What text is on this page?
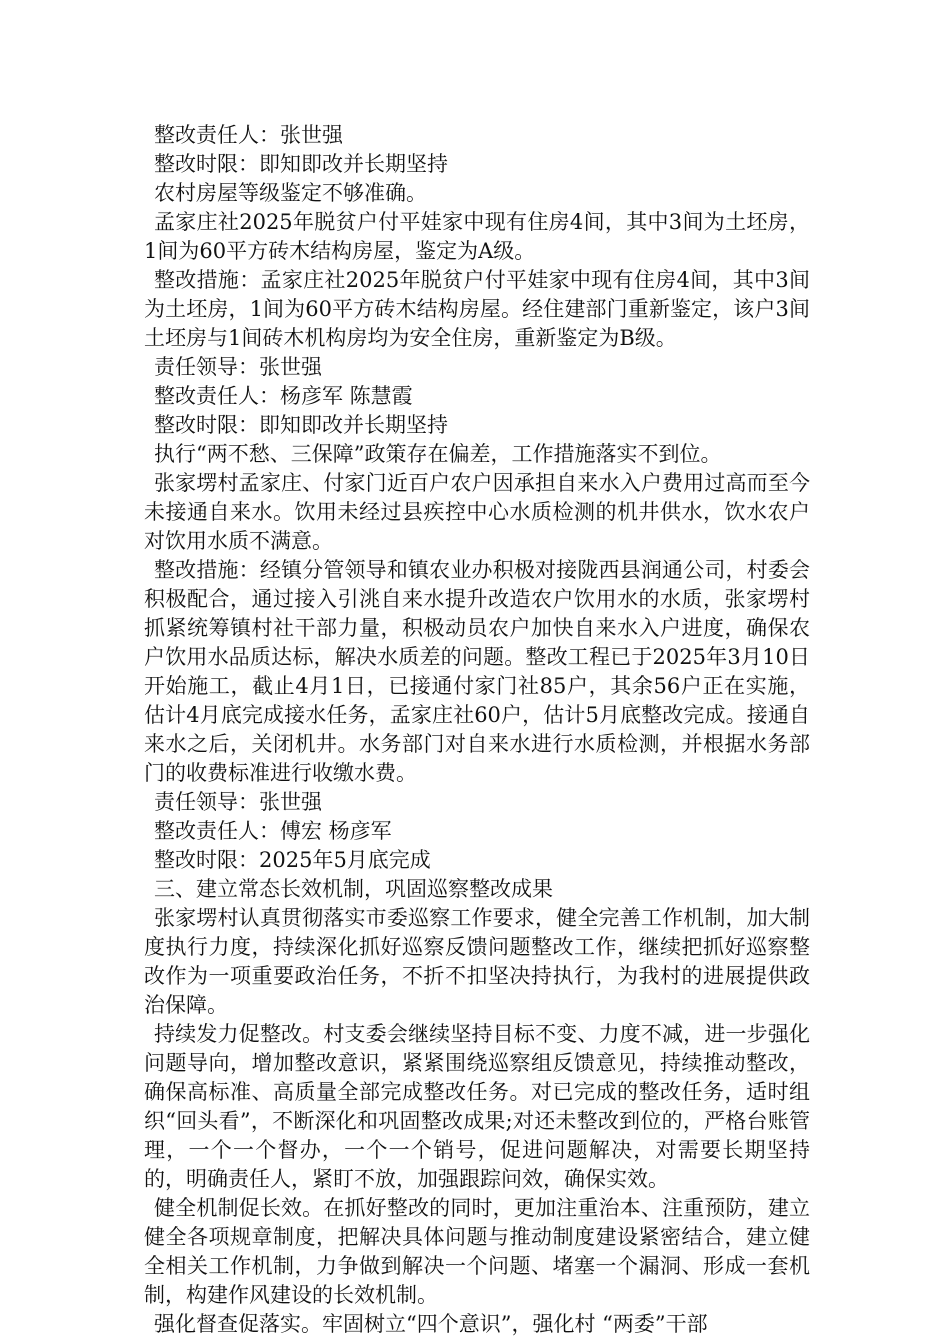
整改责任人：张世强

整改时限：即知即改并长期坚持

农村房屋等级鉴定不够准确。

孟家庄社2025年脱贫户付平娃家中现有住房4间，其中3间为土坯房，1间为60平方砖木结构房屋，鉴定为A级。

整改措施：孟家庄社2025年脱贫户付平娃家中现有住房4间，其中3间为土坯房，1间为60平方砖木结构房屋。经住建部门重新鉴定，该户3间土坯房与1间砖木机构房均为安全住房，重新鉴定为B级。

责任领导：张世强

整改责任人：杨彦军 陈慧霞

整改时限：即知即改并长期坚持

执行“两不愁、三保障”政策存在偏差，工作措施落实不到位。

张家塄村孟家庄、付家门近百户农户因承担自来水入户费用过高而至今未接通自来水。饮用未经过县疾控中心水质检测的机井供水，饮水农户对饮用水质不满意。

整改措施：经镇分管领导和镇农业办积极对接陇西县润通公司，村委会积极配合，通过接入引洮自来水提升改造农户饮用水的水质，张家塄村抓紧统筹镇村社干部力量，积极动员农户加快自来水入户进度，确保农户饮用水品质达标，解决水质差的问题。整改工程已于2025年3月10日开始施工，截止4月1日，已接通付家门社85户，其余56户正在实施，估计4月底完成接水任务，孟家庄社60户，估计5月底整改完成。接通自来水之后，关闭机井。水务部门对自来水进行水质检测，并根据水务部门的收费标准进行收缴水费。

责任领导：张世强

整改责任人：傅宏 杨彦军

整改时限：2025年5月底完成

三、建立常态长效机制，巩固巡察整改成果

张家塄村认真贯彻落实市委巡察工作要求，健全完善工作机制，加大制度执行力度，持续深化抓好巡察反馈问题整改工作，继续把抓好巡察整改作为一项重要政治任务，不折不扣坚决持执行，为我村的进展提供政治保障。

持续发力促整改。村支委会继续坚持目标不变、力度不减，进一步强化问题导向，增加整改意识，紧紧围绕巡察组反馈意见，持续推动整改，确保高标准、高质量全部完成整改任务。对已完成的整改任务，适时组织“回头看”，不断深化和巩固整改成果;对还未整改到位的，严格台账管理，一个一个督办，一个一个销号，促进问题解决，对需要长期坚持的，明确责任人，紧盯不放，加强跟踪问效，确保实效。

健全机制促长效。在抓好整改的同时，更加注重治本、注重预防，建立健全各项规章制度，把解决具体问题与推动制度建设紧密结合，建立健全相关工作机制，力争做到解决一个问题、堵塞一个漏洞、形成一套机制，构建作风建设的长效机制。

强化督查促落实。牢固树立“四个意识”，强化村 “两委”干部
